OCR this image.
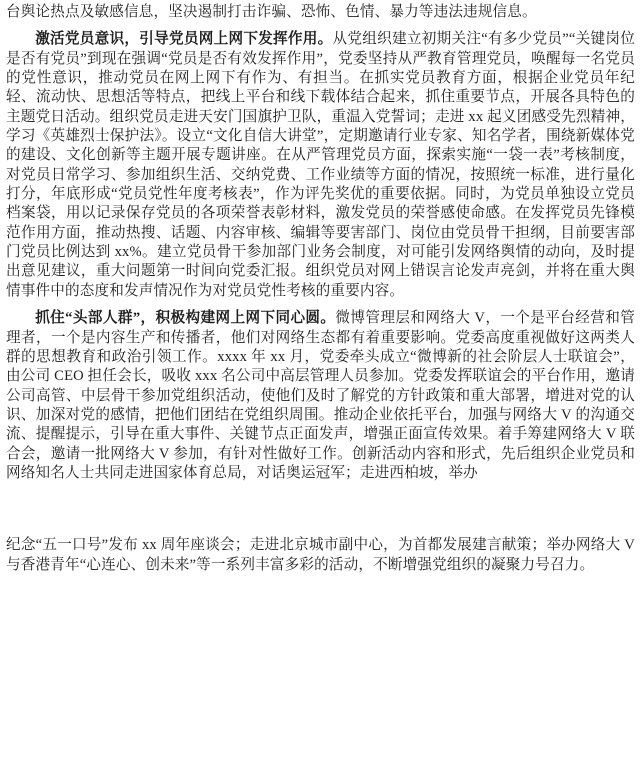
台舆论热点及敏感信息，坚决遏制打击诈骗、恐怖、色情、暴力等违法违规信息。

激活党员意识，引导党员网上网下发挥作用。从党组织建立初期关注“有多少党员”“关键岗位是否有党员”到现在强调“党员是否有效发挥作用”，党委坚持从严教育管理党员，唤醒每一名党员的党性意识，推动党员在网上网下有作为、有担当。在抓实党员教育方面，根据企业党员年纪轻、流动快、思想活等特点，把线上平台和线下载体结合起来，抓住重要节点，开展各具特色的主题党日活动。组织党员走进天安门国旗护卫队，重温入党誓词；走进 xx 起义团感受先烈精神，学习《英雄烈士保护法》。设立“文化自信大讲堂”，定期邀请行业专家、知名学者，围绕新媒体党的建设、文化创新等主题开展专题讲座。在从严管理党员方面，探索实施“一袋一表”考核制度，对党员日常学习、参加组织生活、交纳党费、工作业绩等方面的情况，按照统一标准，进行量化打分，年底形成“党员党性年度考核表”，作为评先奖优的重要依据。同时，为党员单独设立党员档案袋，用以记录保存党员的各项荣誉表彰材料，激发党员的荣誉感使命感。在发挥党员先锋模范作用方面，推动热搜、话题、内容审核、编辑等要害部门、岗位由党员骨干担纲，目前要害部门党员比例达到 xx%。建立党员骨干参加部门业务会制度，对可能引发网络舆情的动向，及时提出意见建议，重大问题第一时间向党委汇报。组织党员对网上错误言论发声亮剑，并将在重大舆情事件中的态度和发声情况作为对党员党性考核的重要内容。

抓住“头部人群”，积极构建网上网下同心圆。微博管理层和网络大 V，一个是平台经营和管理者，一个是内容生产和传播者，他们对网络生态都有着重要影响。党委高度重视做好这两类人群的思想教育和政治引领工作。xxxx 年 xx 月，党委牵头成立“微博新的社会阶层人士联谊会”，由公司 CEO 担任会长，吸收 xxx 名公司中高层管理人员参加。党委发挥联谊会的平台作用，邀请公司高管、中层骨干参加党组织活动，使他们及时了解党的方针政策和重大部署，增进对党的认识、加深对党的感情，把他们团结在党组织周围。推动企业依托平台，加强与网络大 V 的沟通交流、提醒提示，引导在重大事件、关键节点正面发声，增强正面宣传效果。着手筹建网络大 V 联合会，邀请一批网络大 V 参加，有针对性做好工作。创新活动内容和形式，先后组织企业党员和网络知名人士共同走进国家体育总局，对话奥运冠军；走进西柏坡，举办

纪念“五一口号”发布 xx 周年座谈会；走进北京城市副中心，为首都发展建言献策；举办网络大 V 与香港青年“心连心、创未来”等一系列丰富多彩的活动，不断增强党组织的凝聚力号召力。
